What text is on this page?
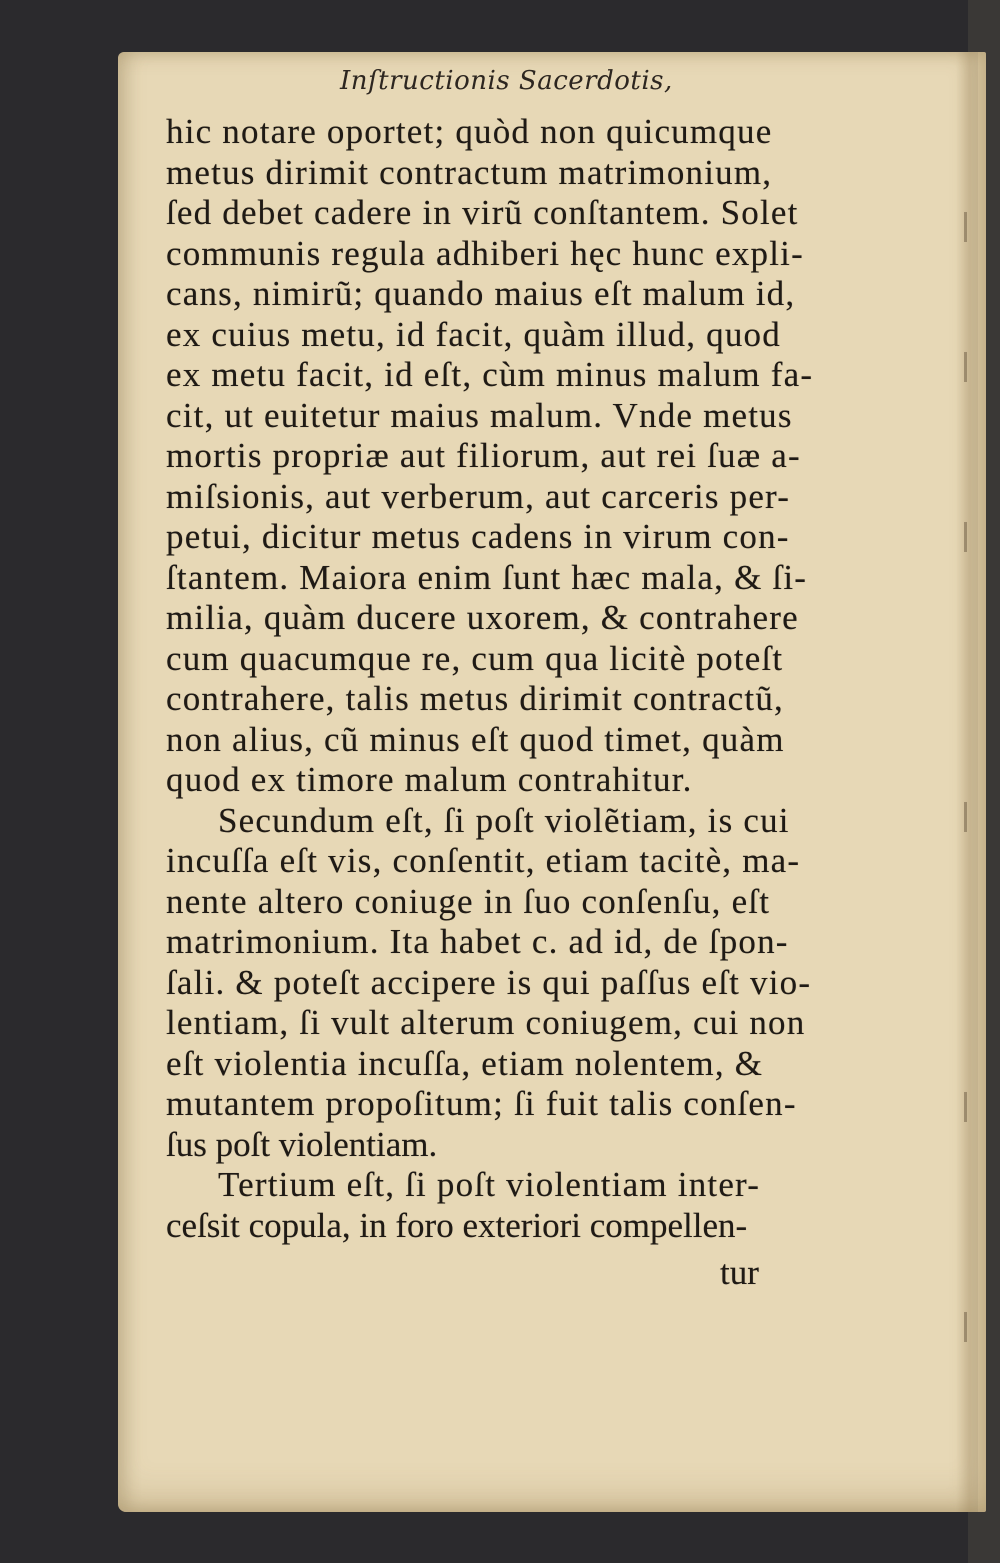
Inſtructionis Sacerdotis,
hic notare oportet; quòd non quicumque
metus dirimit contractum matrimonium,
ſed debet cadere in virũ conſtantem. Solet
communis regula adhiberi hęc hunc expli-
cans, nimirũ; quando maius eſt malum id,
ex cuius metu, id facit, quàm illud, quod
ex metu facit, id eſt, cùm minus malum fa-
cit, ut euitetur maius malum. Vnde metus
mortis propriæ aut filiorum, aut rei ſuæ a-
miſsionis, aut verberum, aut carceris per-
petui, dicitur metus cadens in virum con-
ſtantem. Maiora enim ſunt hæc mala, & ſi-
milia, quàm ducere uxorem, & contrahere
cum quacumque re, cum qua licitè poteſt
contrahere, talis metus dirimit contractũ,
non alius, cũ minus eſt quod timet, quàm
quod ex timore malum contrahitur.
Secundum eſt, ſi poſt violẽtiam, is cui
incuſſa eſt vis, conſentit, etiam tacitè, ma-
nente altero coniuge in ſuo conſenſu, eſt
matrimonium. Ita habet c. ad id, de ſpon-
ſali. & poteſt accipere is qui paſſus eſt vio-
lentiam, ſi vult alterum coniugem, cui non
eſt violentia incuſſa, etiam nolentem, &
mutantem propoſitum; ſi fuit talis conſen-
ſus poſt violentiam.
Tertium eſt, ſi poſt violentiam inter-
ceſsit copula, in foro exteriori compellen-
tur
